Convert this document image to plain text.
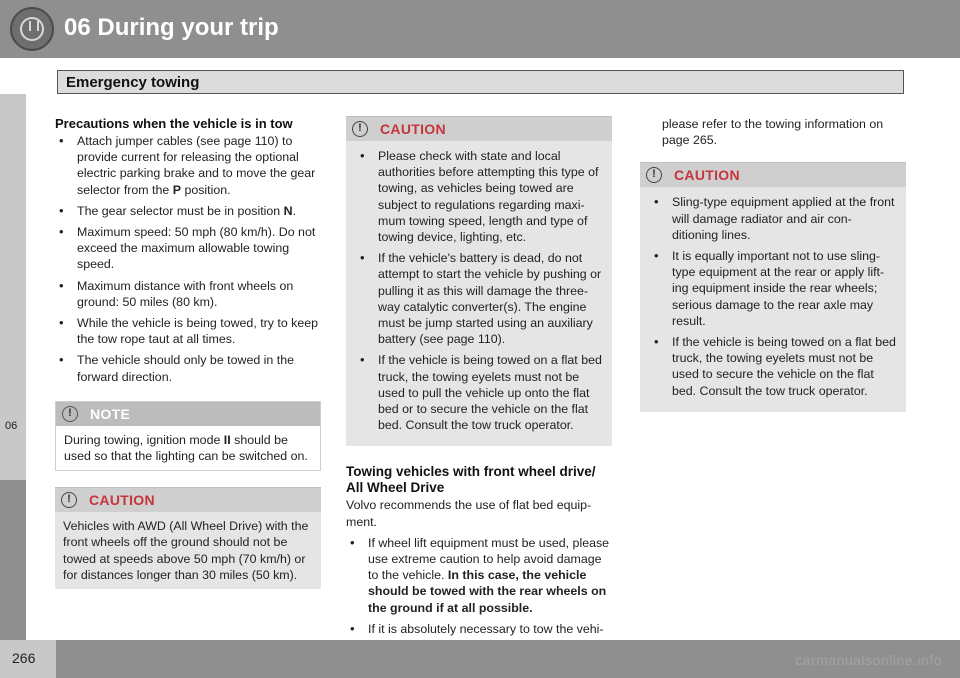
06 During your trip
Emergency towing
06
Precautions when the vehicle is in tow
• Attach jumper cables (see page 110) to provide current for releasing the optional electric parking brake and to move the gear selector from the P position.
• The gear selector must be in position N.
• Maximum speed: 50 mph (80 km/h). Do not exceed the maximum allowable towing speed.
• Maximum distance with front wheels on ground: 50 miles (80 km).
• While the vehicle is being towed, try to keep the tow rope taut at all times.
• The vehicle should only be towed in the forward direction.
!	NOTE

During towing, ignition mode II should be used so that the lighting can be switched on.

!	CAUTION

Vehicles with AWD (All Wheel Drive) with the front wheels off the ground should not be towed at speeds above 50 mph (70 km/h) or for distances longer than 30 miles (50 km).

!	CAUTION
• Please check with state and local authorities before attempting this type of towing, as vehicles being towed are subject to regulations regarding maxi-mum towing speed, length and type of towing device, lighting, etc.
• If the vehicle's battery is dead, do not attempt to start the vehicle by pushing or pulling it as this will damage the three-way catalytic converter(s). The engine must be jump started using an auxiliary battery (see page 110).
• If the vehicle is being towed on a flat bed truck, the towing eyelets must not be used to pull the vehicle up onto the flat bed or to secure the vehicle on the flat bed. Consult the tow truck operator.
Towing vehicles with front wheel drive/ All Wheel Drive

Volvo recommends the use of flat bed equip-ment.

• If wheel lift equipment must be used, please use extreme caution to help avoid damage to the vehicle. In this case, the vehicle should be towed with the rear wheels on the ground if at all possible.
• If it is absolutely necessary to tow the vehi-

please refer to the towing information on page 265.

!	CAUTION
• Sling-type equipment applied at the front will damage radiator and air con-ditioning lines.
• It is equally important not to use sling-type equipment at the rear or apply lift-ing equipment inside the rear wheels; serious damage to the rear axle may result.
• If the vehicle is being towed on a flat bed truck, the towing eyelets must not be used to secure the vehicle on the flat bed. Consult the tow truck operator.
266	carmanualsonline.info
